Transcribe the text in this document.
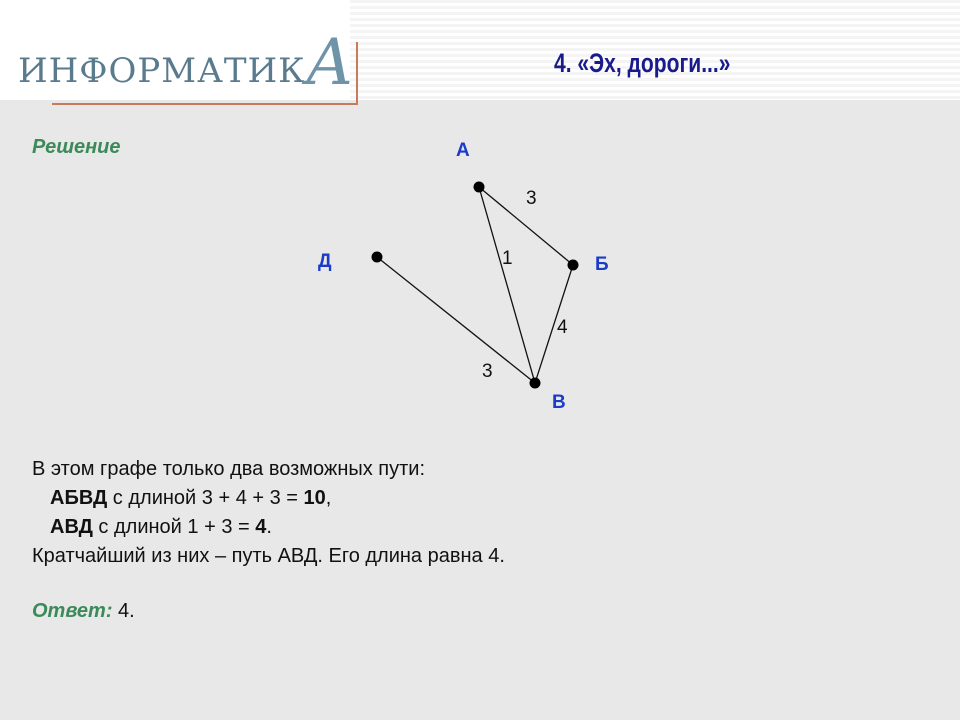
ИНФОРМАТИКА	4. «Эх, дороги...»
Решение	А
Б
В
Д
3
1
4
3
В этом графе только два возможных пути:
АБВД с длиной 3 + 4 + 3 = 10,
АВД с длиной 1 + 3 = 4.
Кратчайший из них – путь АВД. Его длина равна 4.
Ответ: 4.
